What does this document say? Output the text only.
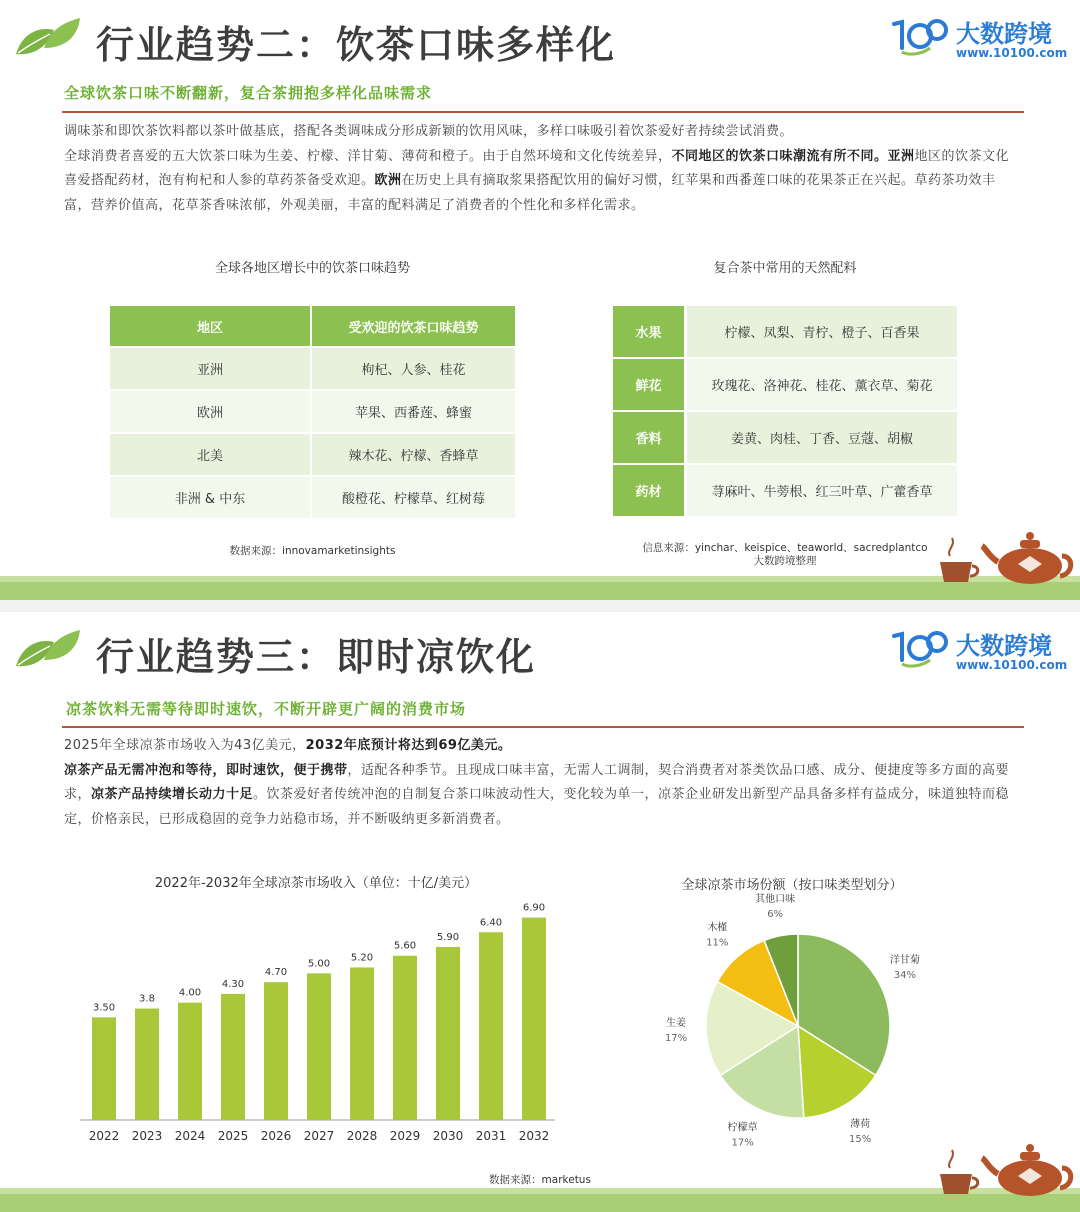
行业趋势二：饮茶口味多样化	大数跨境
www.10100.com
全球饮茶口味不断翻新，复合茶拥抱多样化品味需求

调味茶和即饮茶饮料都以茶叶做基底，搭配各类调味成分形成新颖的饮用风味，多样口味吸引着饮茶爱好者持续尝试消费。

全球消费者喜爱的五大饮茶口味为生姜、柠檬、洋甘菊、薄荷和橙子。由于自然环境和文化传统差异，不同地区的饮茶口味潮流有所不同。亚洲地区的饮茶文化喜爱搭配药材，泡有枸杞和人参的草药茶备受欢迎。欧洲在历史上具有摘取浆果搭配饮用的偏好习惯，红苹果和西番莲口味的花果茶正在兴起。草药茶功效丰富，营养价值高，花草茶香味浓郁，外观美丽，丰富的配料满足了消费者的个性化和多样化需求。

全球各地区增长中的饮茶口味趋势
地区	受欢迎的饮茶口味趋势
亚洲	枸杞、人参、桂花
欧洲	苹果、西番莲、蜂蜜
北美	辣木花、柠檬、香蜂草
非洲 & 中东	酸橙花、柠檬草、红树莓
数据来源：innovamarketinsights
复合茶中常用的天然配料
水果	柠檬、凤梨、青柠、橙子、百香果
鲜花	玫瑰花、洛神花、桂花、薰衣草、菊花
香料	姜黄、肉桂、丁香、豆蔻、胡椒
药材	荨麻叶、牛蒡根、红三叶草、广藿香草
信息来源：yinchar、keispice、teaworld、sacredplantco
大数跨境整理
行业趋势三：即时凉饮化	大数跨境
www.10100.com
凉茶饮料无需等待即时速饮，不断开辟更广阔的消费市场

2025年全球凉茶市场收入为43亿美元，2032年底预计将达到69亿美元。

凉茶产品无需冲泡和等待，即时速饮，便于携带，适配各种季节。且现成口味丰富，无需人工调制，契合消费者对茶类饮品口感、成分、便捷度等多方面的高要求，凉茶产品持续增长动力十足。饮茶爱好者传统冲泡的自制复合茶口味波动性大，变化较为单一，凉茶企业研发出新型产品具备多样有益成分，味道独特而稳定，价格亲民，已形成稳固的竞争力站稳市场，并不断吸纳更多新消费者。

2022年-2032年全球凉茶市场收入（单位：十亿/美元）
3.50
2022
3.8
2023
4.00
2024
4.30
2025
4.70
2026
5.00
2027
5.20
2028
5.60
2029
5.90
2030
6.40
2031
6.90
2032
全球凉茶市场份额（按口味类型划分）
洋甘菊
34%
薄荷
15%
柠檬草
17%
生姜
17%
木槿
11%
其他口味
6%
数据来源：marketus
